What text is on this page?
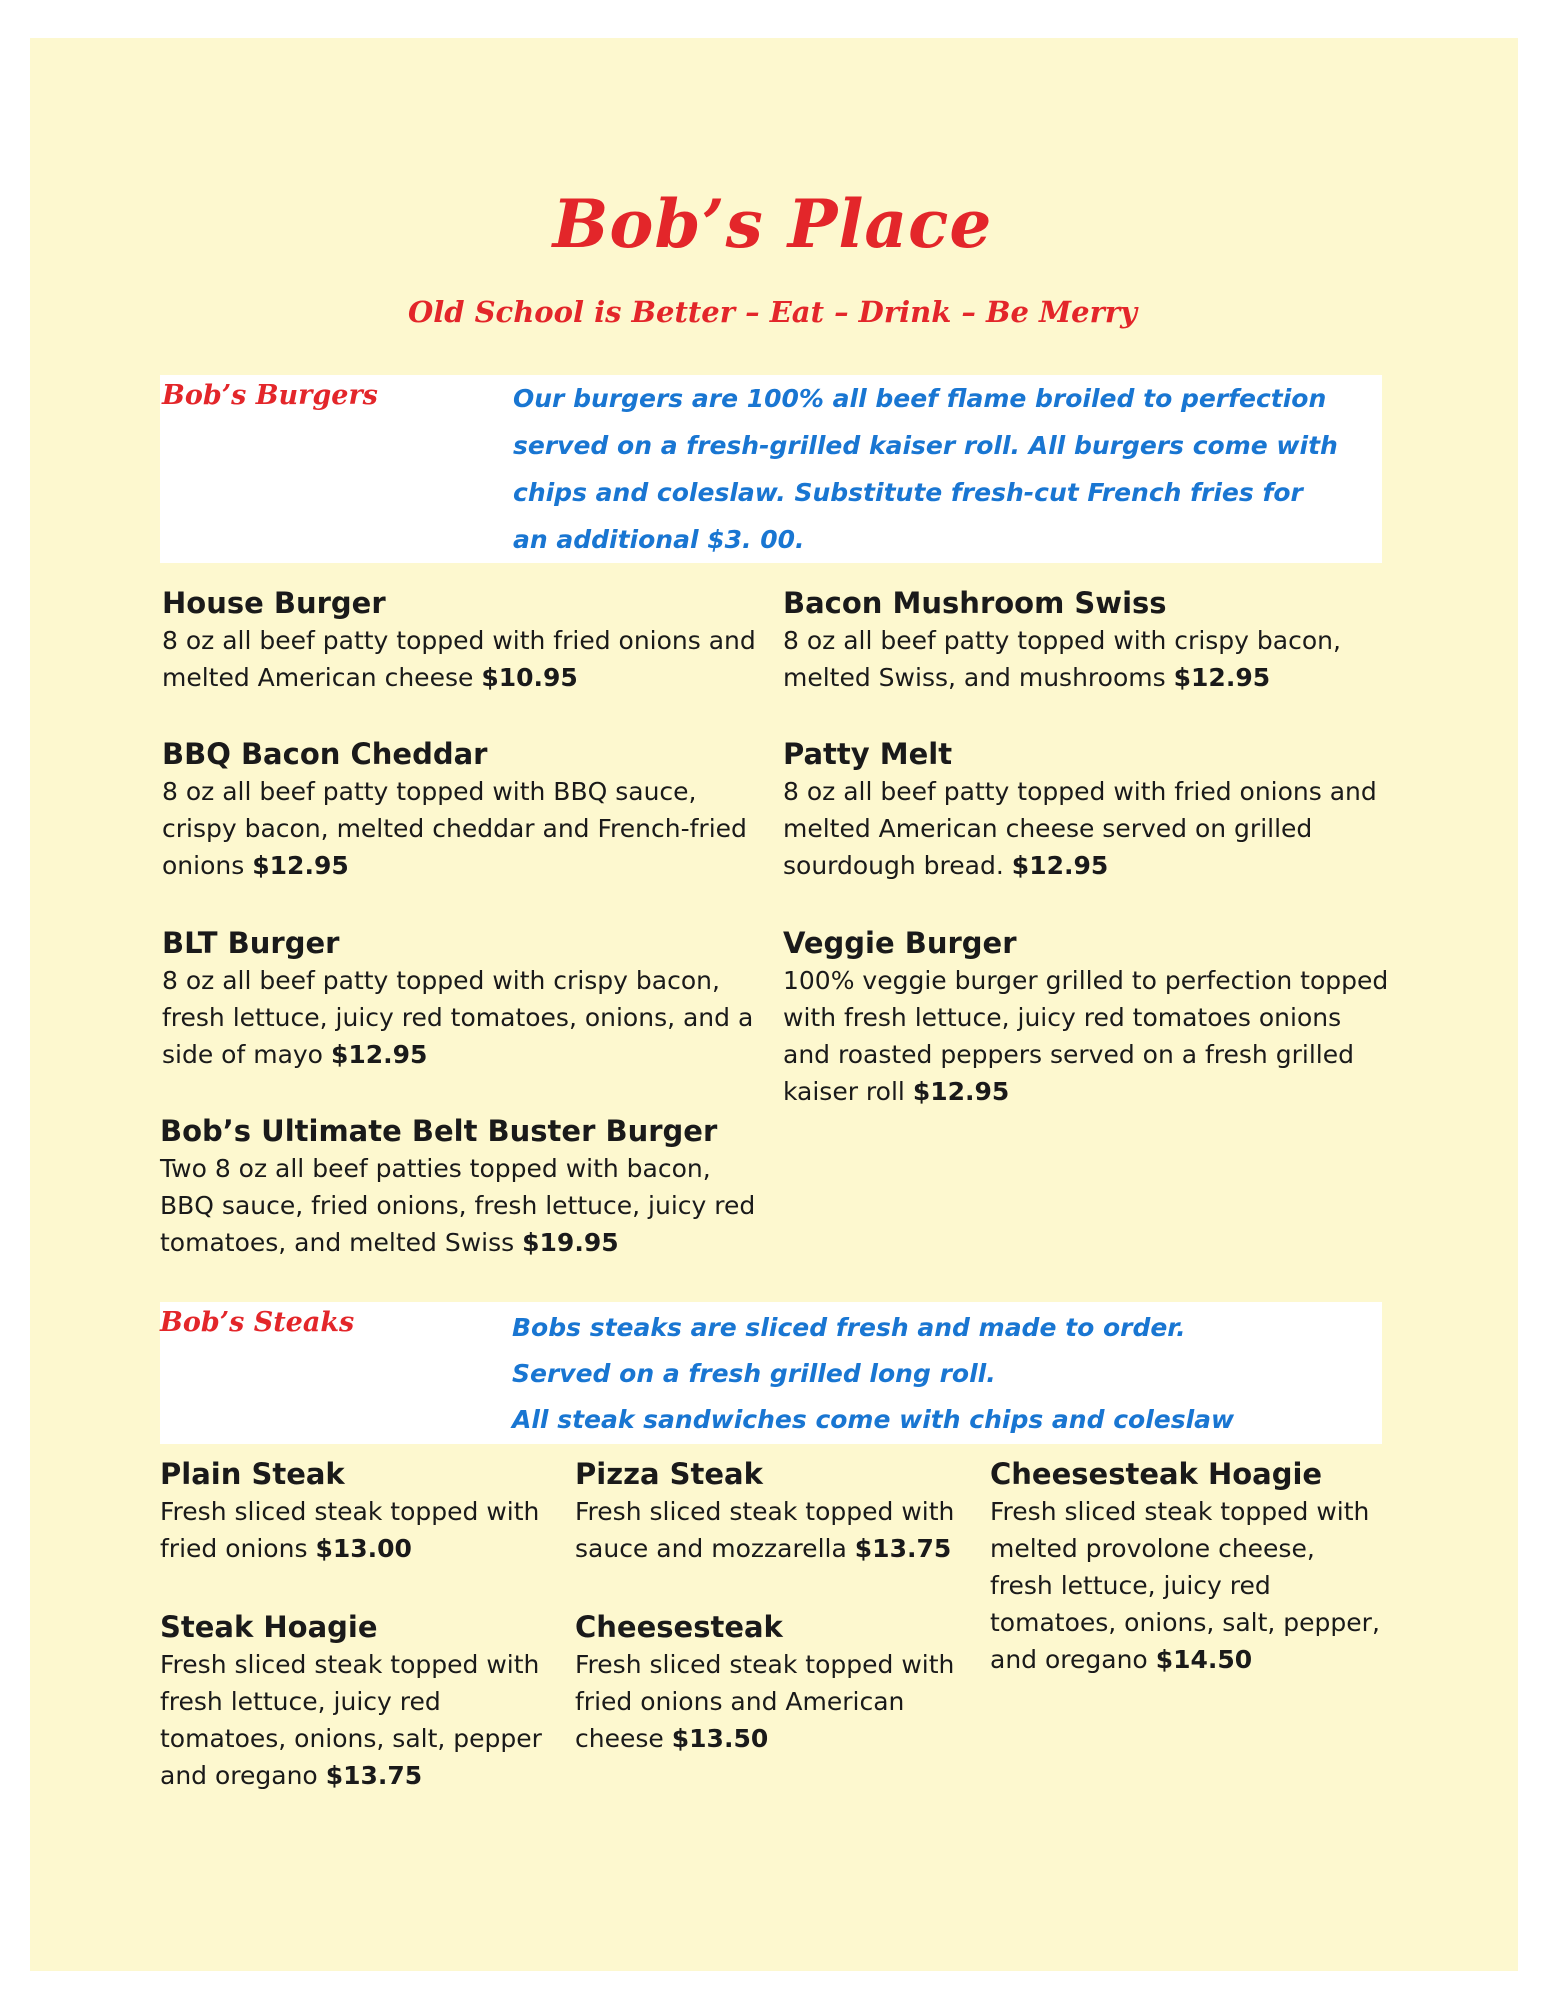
Bob’s Place
Old School is Better – Eat – Drink – Be Merry
Bob’s Burgers	Our burgers are 100% all beef flame broiled to perfection served on a fresh-grilled kaiser roll. All burgers come with chips and coleslaw. Substitute fresh-cut French fries for an additional $3. 00.
House Burger
8 oz all beef patty topped with fried onions and melted American cheese $10.95
Bacon Mushroom Swiss
8 oz all beef patty topped with crispy bacon, melted Swiss, and mushrooms $12.95
BBQ Bacon Cheddar
8 oz all beef patty topped with BBQ sauce, crispy bacon, melted cheddar and French-fried onions $12.95
Patty Melt
8 oz all beef patty topped with fried onions and melted American cheese served on grilled sourdough bread. $12.95
BLT Burger
8 oz all beef patty topped with crispy bacon, fresh lettuce, juicy red tomatoes, onions, and a side of mayo $12.95
Veggie Burger
100% veggie burger grilled to perfection topped with fresh lettuce, juicy red tomatoes onions and roasted peppers served on a fresh grilled kaiser roll $12.95
Bob’s Ultimate Belt Buster Burger
Two 8 oz all beef patties topped with bacon, BBQ sauce, fried onions, fresh lettuce, juicy red tomatoes, and melted Swiss $19.95
Bob’s Steaks	Bobs steaks are sliced fresh and made to order.
Served on a fresh grilled long roll.
All steak sandwiches come with chips and coleslaw
Plain Steak
Fresh sliced steak topped with fried onions $13.00
Pizza Steak
Fresh sliced steak topped with sauce and mozzarella $13.75
Cheesesteak Hoagie
Fresh sliced steak topped with melted provolone cheese, fresh lettuce, juicy red tomatoes, onions, salt, pepper, and oregano $14.50
Steak Hoagie
Fresh sliced steak topped with fresh lettuce, juicy red tomatoes, onions, salt, pepper and oregano $13.75
Cheesesteak
Fresh sliced steak topped with fried onions and American cheese $13.50
